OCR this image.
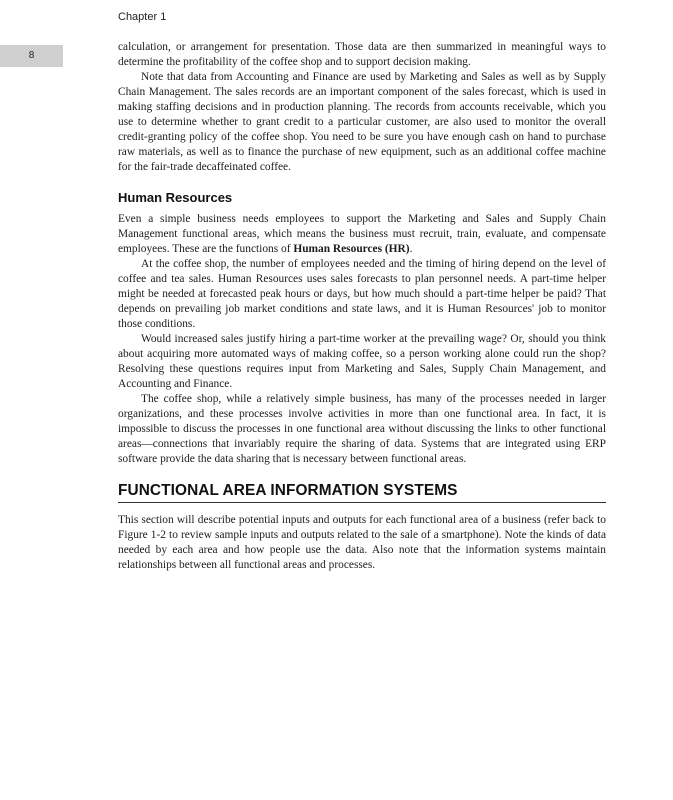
Chapter 1
8

calculation, or arrangement for presentation. Those data are then summarized in meaningful ways to determine the profitability of the coffee shop and to support decision making.

Note that data from Accounting and Finance are used by Marketing and Sales as well as by Supply Chain Management. The sales records are an important component of the sales forecast, which is used in making staffing decisions and in production planning. The records from accounts receivable, which you use to determine whether to grant credit to a particular customer, are also used to monitor the overall credit-granting policy of the coffee shop. You need to be sure you have enough cash on hand to purchase raw materials, as well as to finance the purchase of new equipment, such as an additional coffee machine for the fair-trade decaffeinated coffee.

Human Resources

Even a simple business needs employees to support the Marketing and Sales and Supply Chain Management functional areas, which means the business must recruit, train, evaluate, and compensate employees. These are the functions of Human Resources (HR).

At the coffee shop, the number of employees needed and the timing of hiring depend on the level of coffee and tea sales. Human Resources uses sales forecasts to plan personnel needs. A part-time helper might be needed at forecasted peak hours or days, but how much should a part-time helper be paid? That depends on prevailing job market conditions and state laws, and it is Human Resources' job to monitor those conditions.

Would increased sales justify hiring a part-time worker at the prevailing wage? Or, should you think about acquiring more automated ways of making coffee, so a person working alone could run the shop? Resolving these questions requires input from Marketing and Sales, Supply Chain Management, and Accounting and Finance.

The coffee shop, while a relatively simple business, has many of the processes needed in larger organizations, and these processes involve activities in more than one functional area. In fact, it is impossible to discuss the processes in one functional area without discussing the links to other functional areas—connections that invariably require the sharing of data. Systems that are integrated using ERP software provide the data sharing that is necessary between functional areas.

FUNCTIONAL AREA INFORMATION SYSTEMS

This section will describe potential inputs and outputs for each functional area of a business (refer back to Figure 1-2 to review sample inputs and outputs related to the sale of a smartphone). Note the kinds of data needed by each area and how people use the data. Also note that the information systems maintain relationships between all functional areas and processes.
